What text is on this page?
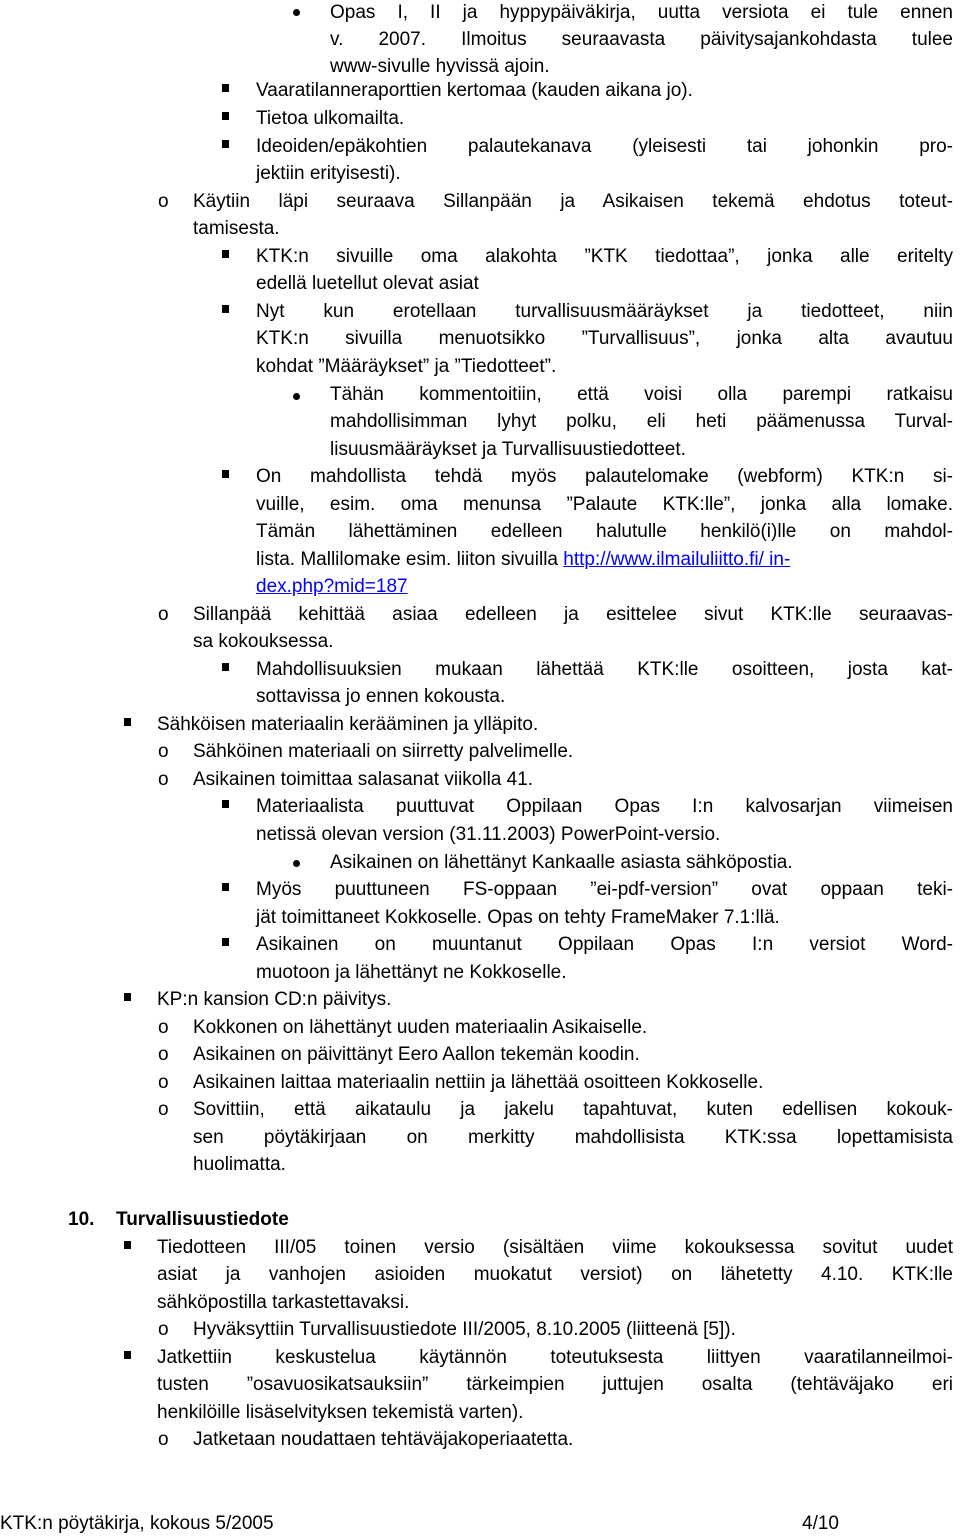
Opas I, II ja hyppypäiväkirja, uutta versiota ei tule ennen
v. 2007. Ilmoitus seuraavasta päivitysajankohdasta tulee
www-sivulle hyvissä ajoin.
Vaaratilanneraporttien kertomaa (kauden aikana jo).
Tietoa ulkomailta.
Ideoiden/epäkohtien palautekanava (yleisesti tai johonkin pro-
jektiin erityisesti).
o Käytiin läpi seuraava Sillanpään ja Asikaisen tekemä ehdotus toteut-
tamisesta.
KTK:n sivuille oma alakohta ”KTK tiedottaa”, jonka alle eritelty
edellä luetellut olevat asiat
Nyt kun erotellaan turvallisuusmääräykset ja tiedotteet, niin
KTK:n sivuilla menuotsikko ”Turvallisuus”, jonka alta avautuu
kohdat ”Määräykset” ja ”Tiedotteet”.
Tähän kommentoitiin, että voisi olla parempi ratkaisu
mahdollisimman lyhyt polku, eli heti päämenussa Turval-
lisuusmääräykset ja Turvallisuustiedotteet.
On mahdollista tehdä myös palautelomake (webform) KTK:n si-
vuille, esim. oma menunsa ”Palaute KTK:lle”, jonka alla lomake.
Tämän lähettäminen edelleen halutulle henkilö(i)lle on mahdol-
lista. Mallilomake esim. liiton sivuilla http://www.ilmailuliitto.fi/ in-
dex.php?mid=187
o Sillanpää kehittää asiaa edelleen ja esittelee sivut KTK:lle seuraavas-
sa kokouksessa.
Mahdollisuuksien mukaan lähettää KTK:lle osoitteen, josta kat-
sottavissa jo ennen kokousta.
Sähköisen materiaalin kerääminen ja ylläpito.
o Sähköinen materiaali on siirretty palvelimelle.
o Asikainen toimittaa salasanat viikolla 41.
Materiaalista puuttuvat Oppilaan Opas I:n kalvosarjan viimeisen
netissä olevan version (31.11.2003) PowerPoint-versio.
Asikainen on lähettänyt Kankaalle asiasta sähköpostia.
Myös puuttuneen FS-oppaan ”ei-pdf-version” ovat oppaan teki-
jät toimittaneet Kokkoselle. Opas on tehty FrameMaker 7.1:llä.
Asikainen on muuntanut Oppilaan Opas I:n versiot Word-
muotoon ja lähettänyt ne Kokkoselle.
KP:n kansion CD:n päivitys.
o Kokkonen on lähettänyt uuden materiaalin Asikaiselle.
o Asikainen on päivittänyt Eero Aallon tekemän koodin.
o Asikainen laittaa materiaalin nettiin ja lähettää osoitteen Kokkoselle.
o Sovittiin, että aikataulu ja jakelu tapahtuvat, kuten edellisen kokouk-
sen pöytäkirjaan on merkitty mahdollisista KTK:ssa lopettamisista
huolimatta.
10. Turvallisuustiedote
Tiedotteen III/05 toinen versio (sisältäen viime kokouksessa sovitut uudet
asiat ja vanhojen asioiden muokatut versiot) on lähetetty 4.10. KTK:lle
sähköpostilla tarkastettavaksi.
o Hyväksyttiin Turvallisuustiedote III/2005, 8.10.2005 (liitteenä [5]).
Jatkettiin keskustelua käytännön toteutuksesta liittyen vaaratilanneilmoi-
tusten ”osavuosikatsauksiin” tärkeimpien juttujen osalta (tehtäväjako eri
henkilöille lisäselvityksen tekemistä varten).
o Jatketaan noudattaen tehtäväjakoperiaatetta.
KTK:n pöytäkirja, kokous 5/2005	4/10
